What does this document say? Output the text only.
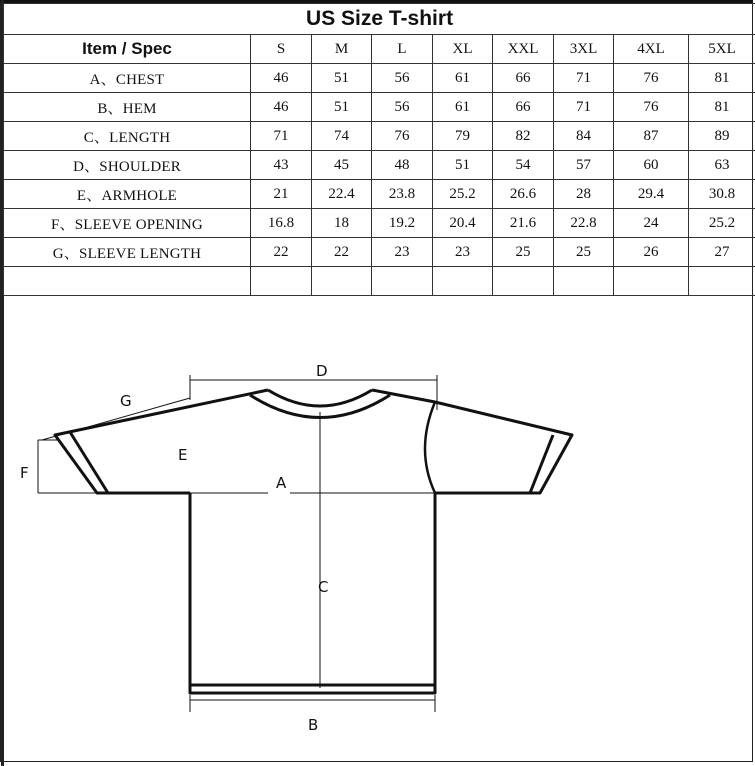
US Size T-shirt								
Item / Spec	S	M	L	XL	XXL	3XL	4XL	5XL
A、CHEST	46	51	56	61	66	71	76	81
B、HEM	46	51	56	61	66	71	76	81
C、LENGTH	71	74	76	79	82	84	87	89
D、SHOULDER	43	45	48	51	54	57	60	63
E、ARMHOLE	21	22.4	23.8	25.2	26.6	28	29.4	30.8
F、SLEEVE OPENING	16.8	18	19.2	20.4	21.6	22.8	24	25.2
G、SLEEVE LENGTH	22	22	23	23	25	25	26	27

D
A
C
B
E
F
G
